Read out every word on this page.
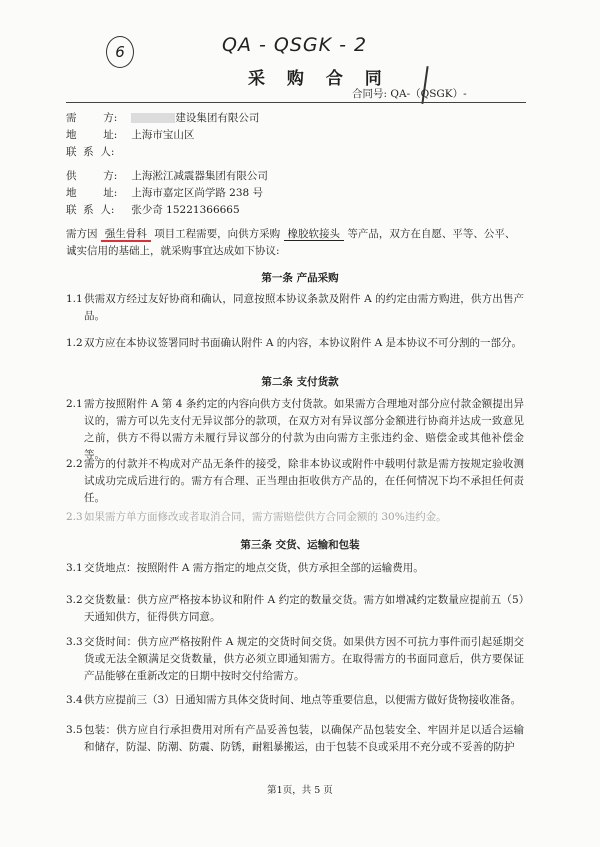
6	QA - QSGK - 2
采 购 合 同
合同号: QA-（QSGK）-
需        方:	建设集团有限公司
地        址: 上海市宝山区
联  系  人:
供        方: 上海淞江减震器集团有限公司
地        址: 上海市嘉定区尚学路 238 号
联  系  人: 张少奇 15221366665
需方因 强生骨科 项目工程需要，向供方采购 橡胶软接头 等产品，双方在自愿、平等、公平、
诚实信用的基础上，就采购事宜达成如下协议:
第一条 产品采购
1.1 供需双方经过友好协商和确认，同意按照本协议条款及附件 A 的约定由需方购进，供方出售产品。
1.2 双方应在本协议签署同时书面确认附件 A 的内容，本协议附件 A 是本协议不可分割的一部分。
第二条 支付货款
2.1 需方按照附件 A 第 4 条约定的内容向供方支付货款。如果需方合理地对部分应付款金额提出异议的，需方可以先支付无异议部分的款项，在双方对有异议部分金额进行协商并达成一致意见之前，供方不得以需方未履行异议部分的付款为由向需方主张违约金、赔偿金或其他补偿金等。
2.2 需方的付款并不构成对产品无条件的接受，除非本协议或附件中载明付款是需方按规定验收测试成功完成后进行的。需方有合理、正当理由拒收供方产品的，在任何情况下均不承担任何责任。
2.3 如果需方单方面修改或者取消合同，需方需赔偿供方合同金额的 30%违约金。
第三条 交货、运输和包装
3.1 交货地点：按照附件 A 需方指定的地点交货，供方承担全部的运输费用。
3.2 交货数量：供方应严格按本协议和附件 A 约定的数量交货。需方如增减约定数量应提前五（5）天通知供方，征得供方同意。
3.3 交货时间：供方应严格按附件 A 规定的交货时间交货。如果供方因不可抗力事件而引起延期交货或无法全额满足交货数量，供方必须立即通知需方。在取得需方的书面同意后，供方要保证产品能够在重新改定的日期中按时交付给需方。
3.4 供方应提前三（3）日通知需方具体交货时间、地点等重要信息，以便需方做好货物接收准备。
3.5 包装：供方应自行承担费用对所有产品妥善包装，以确保产品包装安全、牢固并足以适合运输和储存，防湿、防潮、防震、防锈，耐粗暴搬运，由于包装不良或采用不充分或不妥善的防护
第1页，共 5 页
